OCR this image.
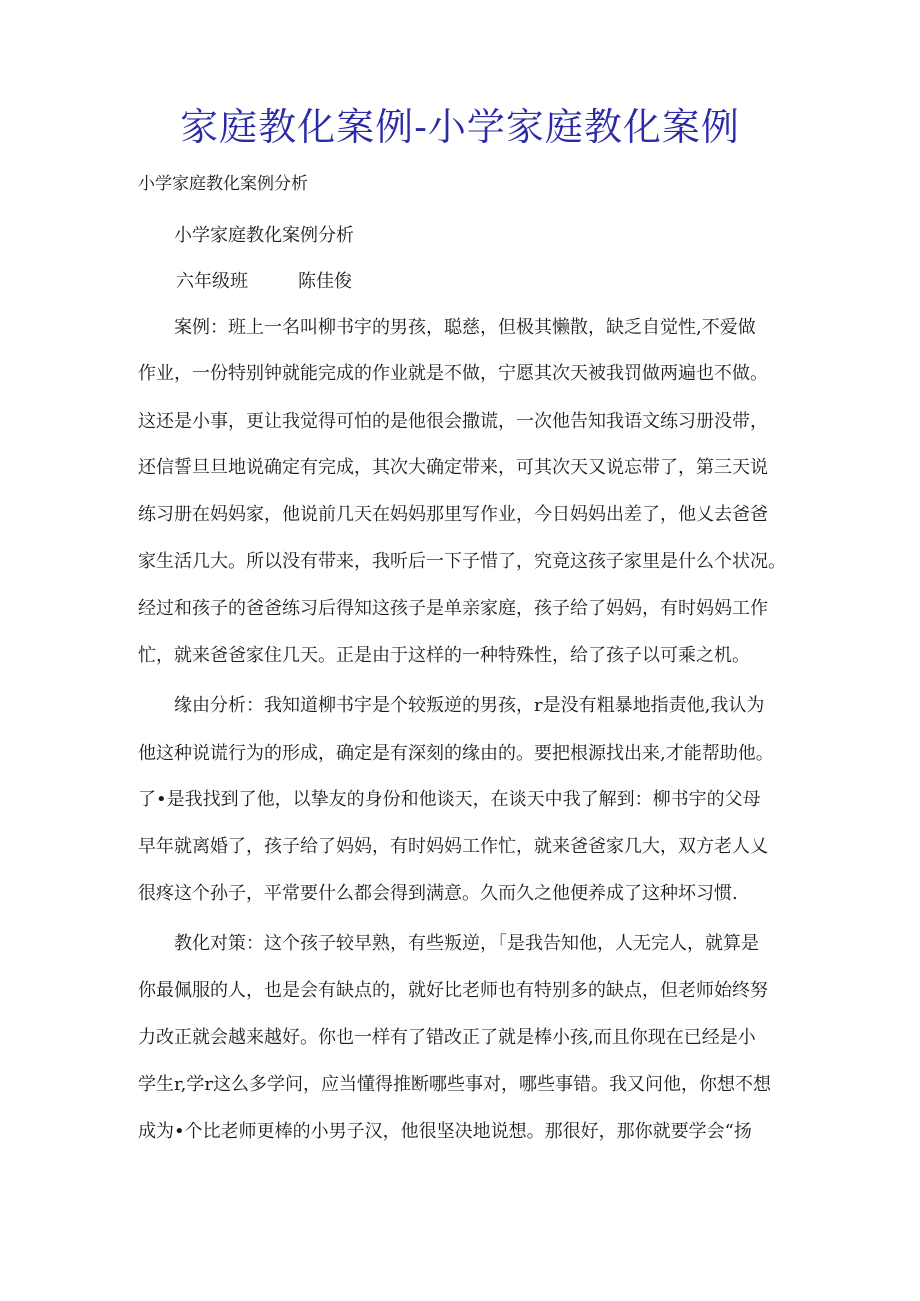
家庭教化案例-小学家庭教化案例

小学家庭教化案例分析

小学家庭教化案例分析

六年级班	陈佳俊

案例：班上一名叫柳书宇的男孩，聪慈，但极其懒散，缺乏自觉性,不爱做

作业，一份特别钟就能完成的作业就是不做，宁愿其次天被我罚做两遍也不做。

这还是小事，更让我觉得可怕的是他很会撒谎，一次他告知我语文练习册没带，

还信誓旦旦地说确定有完成，其次大确定带来，可其次天又说忘带了，第三天说

练习册在妈妈家，他说前几天在妈妈那里写作业，今日妈妈出差了，他乂去爸爸

家生活几大。所以没有带来，我听后一下子惜了，究竟这孩子家里是什么个状况。

经过和孩子的爸爸练习后得知这孩子是单亲家庭，孩子给了妈妈，有时妈妈工作

忙，就来爸爸家住几天。正是由于这样的一种特殊性，给了孩子以可乘之机。

缘由分析：我知道柳书宇是个较叛逆的男孩，r是没有粗暴地指责他,我认为

他这种说谎行为的形成，确定是有深刻的缘由的。要把根源找出来,才能帮助他。

了•是我找到了他，以挚友的身份和他谈天，在谈天中我了解到：柳书宇的父母

早年就离婚了，孩子给了妈妈，有时妈妈工作忙，就来爸爸家几大，双方老人乂

很疼这个孙子，平常要什么都会得到满意。久而久之他便养成了这种坏习惯.

教化对策：这个孩子较早熟，有些叛逆，「是我告知他，人无完人，就算是

你最佩服的人，也是会有缺点的，就好比老师也有特别多的缺点，但老师始终努

力改正就会越来越好。你也一样有了错改正了就是棒小孩,而且你现在已经是小

学生r,学r这么多学问，应当懂得推断哪些事对，哪些事错。我又问他，你想不想

成为•个比老师更棒的小男子汉，他很坚决地说想。那很好，那你就要学会“扬
